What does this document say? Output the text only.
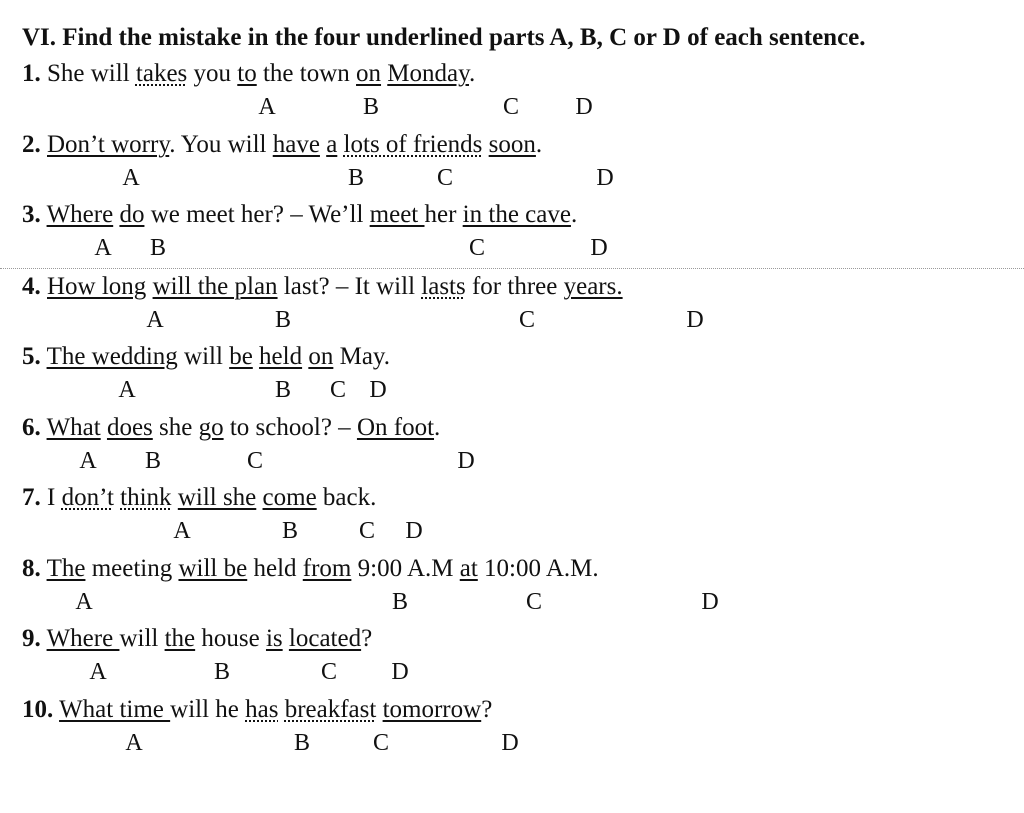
VI. Find the mistake in the four underlined parts A, B, C or D of each sentence.
1. She will takes you to the town on Monday.
A	B	C D
2. Don’t worry. You will have a lots of friends soon.
A	B	C	D
3. Where do we meet her? – We’ll meet her in the cave.
A B	C	D
4. How long will the plan last? – It will lasts for three years.
A	B	C	D
5. The wedding will be held on May.
A	B C D
6. What does she go to school? – On foot.
A B	C	D
7. I don’t think will she come back.
A	B	C D
8. The meeting will be held from 9:00 A.M at 10:00 A.M.
A	B	C	D
9. Where will the house is located?
A	B	C D
10. What time will he has breakfast tomorrow?
A	B	C	D
